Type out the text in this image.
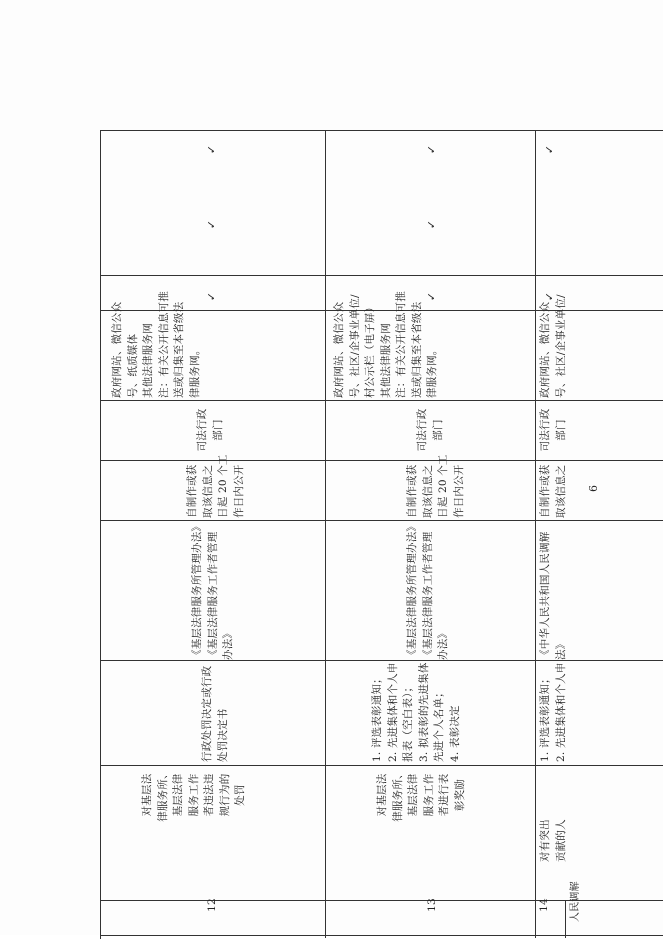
12
对基层法 律服务所、 基层法律 服务工作 者违法违 规行为的 处罚
行政处罚决定或行政 处罚决定书
《基层法律服务所管理办法》 《基层法律服务工作者管理 办法》
自制作或获 取该信息之 日起 20 个工 作日内公开
司法行政 部门
政府网站、微信公众 号、纸质媒体 其他法律服务网 注：有关公开信息可推 送或归集至本省级法 律服务网。
✓
✓
✓
13
对基层法 律服务所、 基层法律 服务工作 者进行表 彰奖励
1. 评选表彰通知； 2. 先进集体和个人申 报表（空白表）； 3. 拟表彰的先进集体 先进个人名单； 4. 表彰决定
《基层法律服务所管理办法》 《基层法律服务工作者管理 办法》
自制作或获 取该信息之 日起 20 个工 作日内公开
司法行政 部门
政府网站、微信公众 号、社区/企事业单位/ 村公示栏（电子屏） 其他法律服务网 注：有关公开信息可推 送或归集至本省级法 律服务网。
✓
✓
✓
14 人民调解
对有突出 贡献的人
1. 评选表彰通知； 2. 先进集体和个人申
《中华人民共和国人民调解 法》
自制作或获 取该信息之
司法行政 部门
政府网站、微信公众 号、社区/企事业单位/
✓
✓
6
